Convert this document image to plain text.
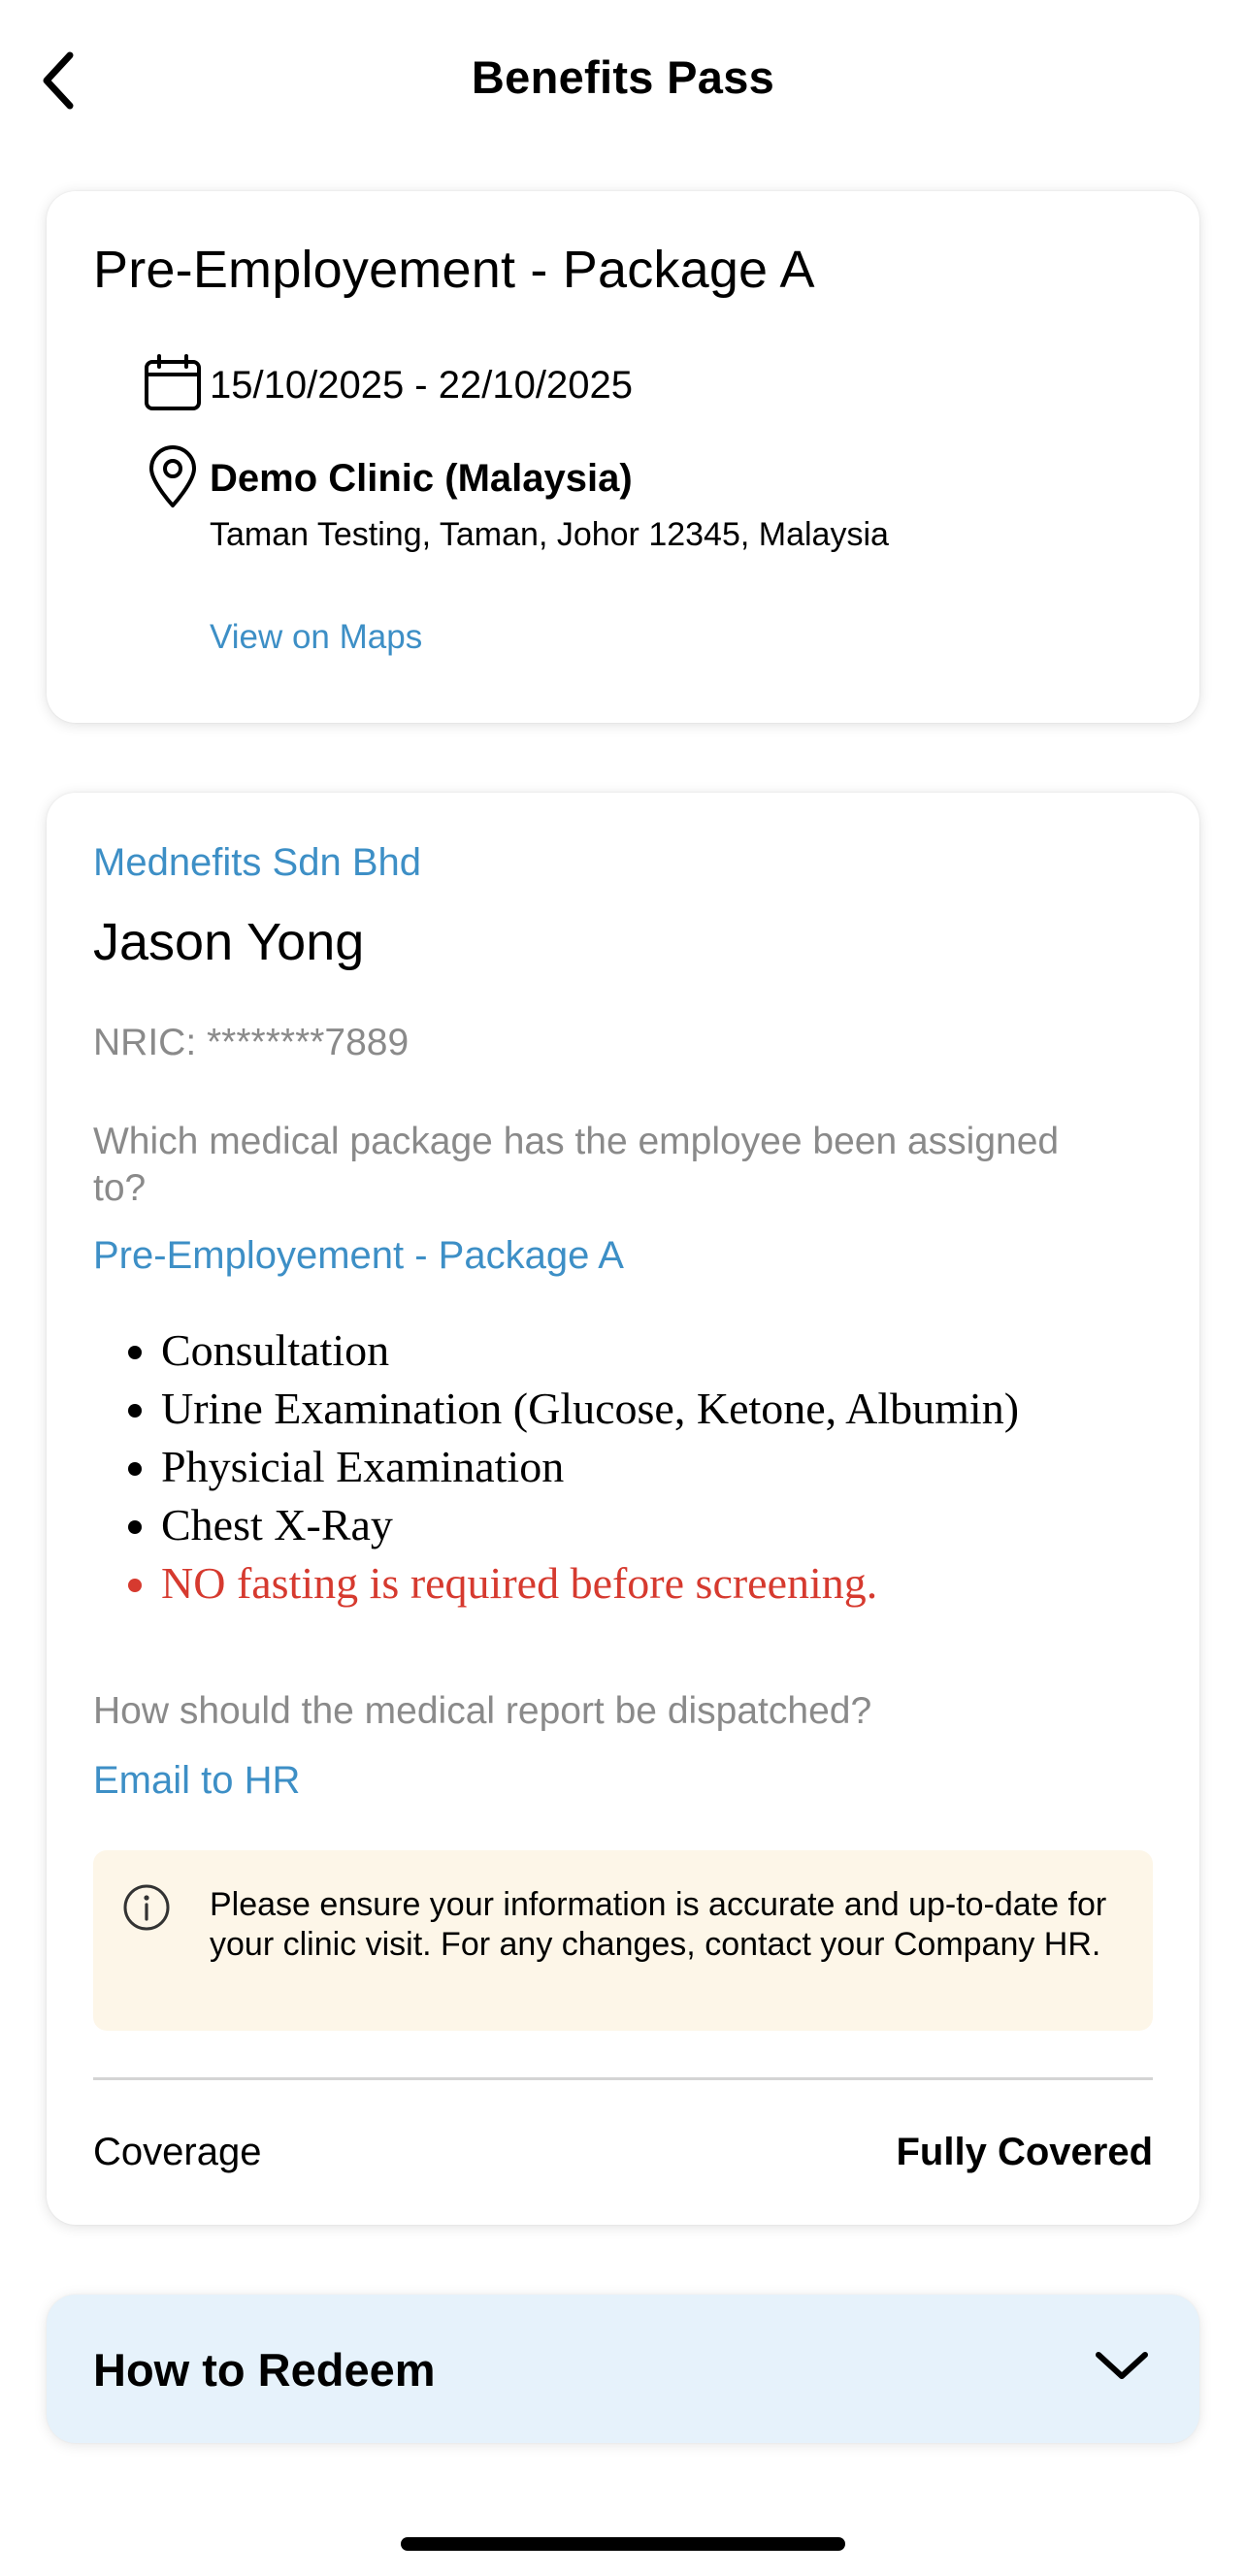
Benefits Pass
Pre-Employement - Package A
15/10/2025 - 22/10/2025
Demo Clinic (Malaysia)
Taman Testing, Taman, Johor 12345, Malaysia
View on Maps
Mednefits Sdn Bhd
Jason Yong
NRIC: ********7889
Which medical package has the employee been assigned to?
Pre-Employement - Package A
• Consultation
• Urine Examination (Glucose, Ketone, Albumin)
• Physicial Examination
• Chest X-Ray
• NO fasting is required before screening.
How should the medical report be dispatched?
Email to HR
Please ensure your information is accurate and up-to-date for your clinic visit. For any changes, contact your Company HR.
Coverage	Fully Covered
How to Redeem
